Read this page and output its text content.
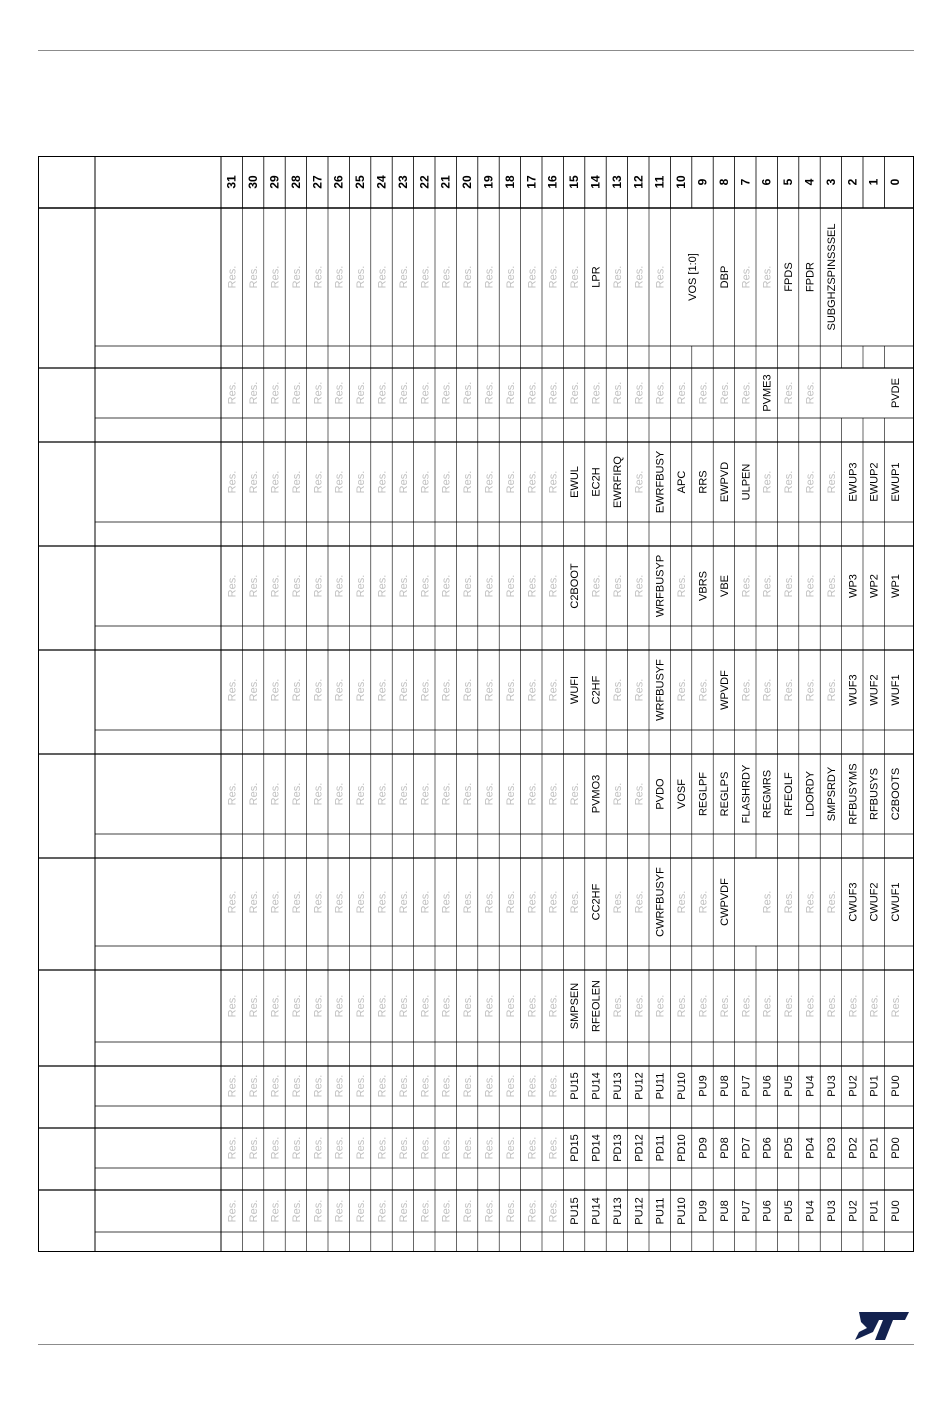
31 30 29 28 27 26 25 24 23 22 21 20 19 18 17 16 15 14 13 12 11 10 9 8 7 6 5 4 3 2 1 0
Res. Res. Res. Res. Res. Res. Res. Res. Res. Res. Res. Res. Res. Res. Res. Res. Res. LPR Res. Res. Res. VOS [1:0] DBP Res. Res. FPDS FPDR SUBGHZSPINSSSEL
Res. Res. Res. Res. Res. Res. Res. Res. Res. Res. Res. Res. Res. Res. Res. Res. Res. Res. Res. Res. Res. Res. Res. Res. Res. PVME3 Res. Res.	PVDE
Res. Res. Res. Res. Res. Res. Res. Res. Res. Res. Res. Res. Res. Res. Res. Res. EWUL EC2H EWRFIRQ Res. EWRFBUSY APC RRS EWPVD ULPEN Res. Res. Res. Res. EWUP3 EWUP2 EWUP1
Res. Res. Res. Res. Res. Res. Res. Res. Res. Res. Res. Res. Res. Res. Res. Res. C2BOOT Res. Res. Res. WRFBUSYP Res. VBRS VBE Res. Res. Res. Res. Res. WP3 WP2 WP1
Res. Res. Res. Res. Res. Res. Res. Res. Res. Res. Res. Res. Res. Res. Res. Res. WUFI C2HF Res. Res. WRFBUSYF Res. Res. WPVDF Res. Res. Res. Res. Res. WUF3 WUF2 WUF1
Res. Res. Res. Res. Res. Res. Res. Res. Res. Res. Res. Res. Res. Res. Res. Res. Res. PVMO3 Res. Res. PVDO VOSF REGLPF REGLPS FLASHRDY REGMRS RFEOLF LDORDY SMPSRDY RFBUSYMS RFBUSYS C2BOOTS
Res. Res. Res. Res. Res. Res. Res. Res. Res. Res. Res. Res. Res. Res. Res. Res. Res. CC2HF Res. Res. CWRFBUSYF Res. Res. CWPVDF	Res. Res. Res. Res. CWUF3 CWUF2 CWUF1
Res. Res. Res. Res. Res. Res. Res. Res. Res. Res. Res. Res. Res. Res. Res. Res. SMPSEN RFEOLEN Res. Res. Res. Res. Res. Res. Res. Res. Res. Res. Res. Res. Res. Res.
Res. Res. Res. Res. Res. Res. Res. Res. Res. Res. Res. Res. Res. Res. Res. Res. PU15 PU14 PU13 PU12 PU11 PU10 PU9 PU8 PU7 PU6 PU5 PU4 PU3 PU2 PU1 PU0
Res. Res. Res. Res. Res. Res. Res. Res. Res. Res. Res. Res. Res. Res. Res. Res. PD15 PD14 PD13 PD12 PD11 PD10 PD9 PD8 PD7 PD6 PD5 PD4 PD3 PD2 PD1 PD0
Res. Res. Res. Res. Res. Res. Res. Res. Res. Res. Res. Res. Res. Res. Res. Res. PU15 PU14 PU13 PU12 PU11 PU10 PU9 PU8 PU7 PU6 PU5 PU4 PU3 PU2 PU1 PU0
